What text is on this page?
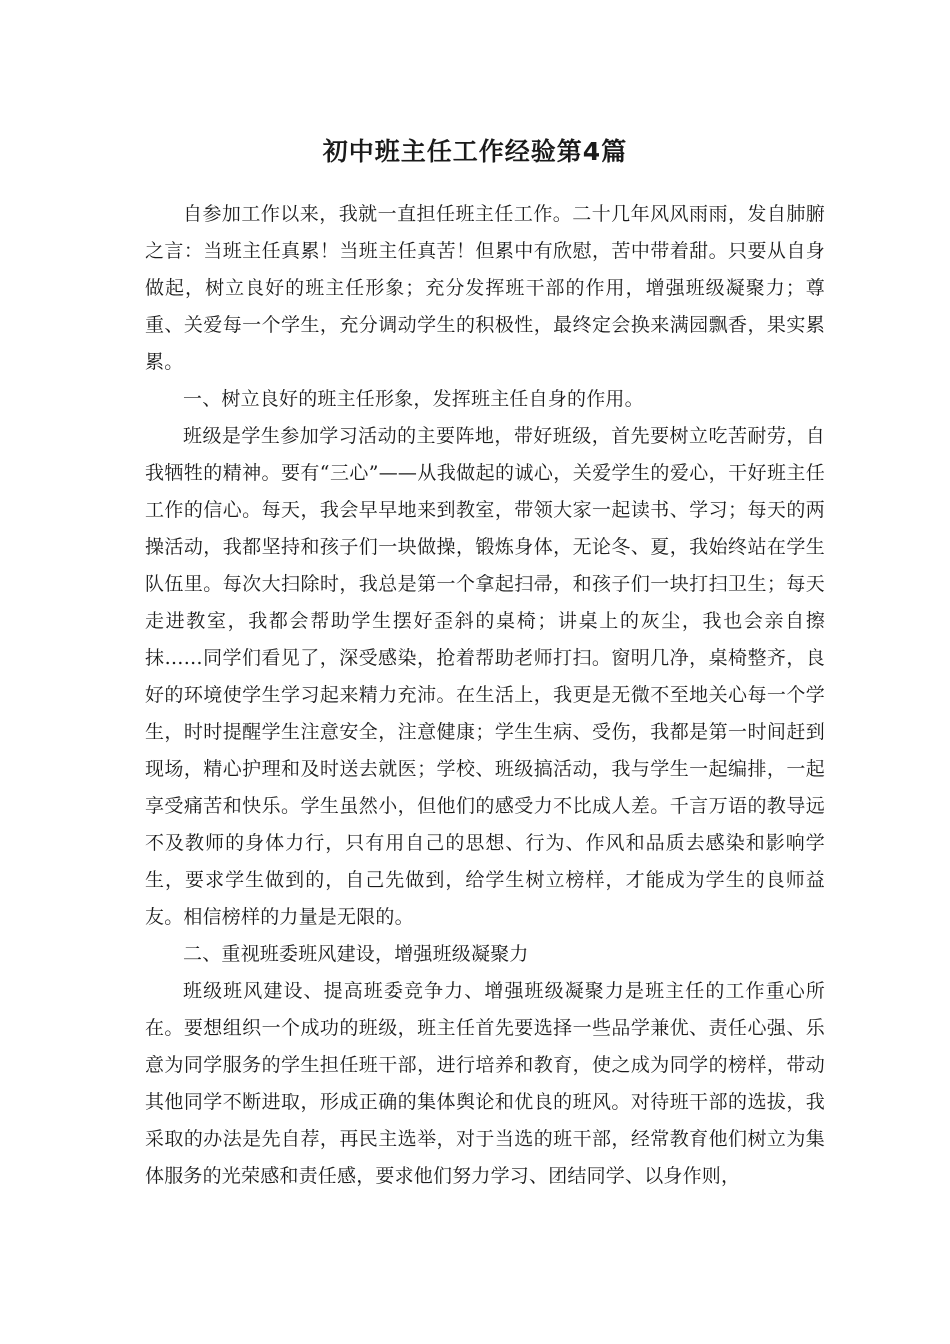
初中班主任工作经验第4篇

自参加工作以来，我就一直担任班主任工作。二十几年风风雨雨，发自肺腑之言：当班主任真累！当班主任真苦！但累中有欣慰，苦中带着甜。只要从自身做起，树立良好的班主任形象；充分发挥班干部的作用，增强班级凝聚力；尊重、关爱每一个学生，充分调动学生的积极性，最终定会换来满园飘香，果实累累。

一、树立良好的班主任形象，发挥班主任自身的作用。

班级是学生参加学习活动的主要阵地，带好班级，首先要树立吃苦耐劳，自我牺牲的精神。要有“三心”——从我做起的诚心，关爱学生的爱心，干好班主任工作的信心。每天，我会早早地来到教室，带领大家一起读书、学习；每天的两操活动，我都坚持和孩子们一块做操，锻炼身体，无论冬、夏，我始终站在学生队伍里。每次大扫除时，我总是第一个拿起扫帚，和孩子们一块打扫卫生；每天走进教室，我都会帮助学生摆好歪斜的桌椅；讲桌上的灰尘，我也会亲自擦抹……同学们看见了，深受感染，抢着帮助老师打扫。窗明几净，桌椅整齐，良好的环境使学生学习起来精力充沛。在生活上，我更是无微不至地关心每一个学生，时时提醒学生注意安全，注意健康；学生生病、受伤，我都是第一时间赶到现场，精心护理和及时送去就医；学校、班级搞活动，我与学生一起编排，一起享受痛苦和快乐。学生虽然小，但他们的感受力不比成人差。千言万语的教导远不及教师的身体力行，只有用自己的思想、行为、作风和品质去感染和影响学生，要求学生做到的，自己先做到，给学生树立榜样，才能成为学生的良师益友。相信榜样的力量是无限的。

二、重视班委班风建设，增强班级凝聚力

班级班风建设、提高班委竞争力、增强班级凝聚力是班主任的工作重心所在。要想组织一个成功的班级，班主任首先要选择一些品学兼优、责任心强、乐意为同学服务的学生担任班干部，进行培养和教育，使之成为同学的榜样，带动其他同学不断进取，形成正确的集体舆论和优良的班风。对待班干部的选拔，我采取的办法是先自荐，再民主选举，对于当选的班干部，经常教育他们树立为集体服务的光荣感和责任感，要求他们努力学习、团结同学、以身作则，
